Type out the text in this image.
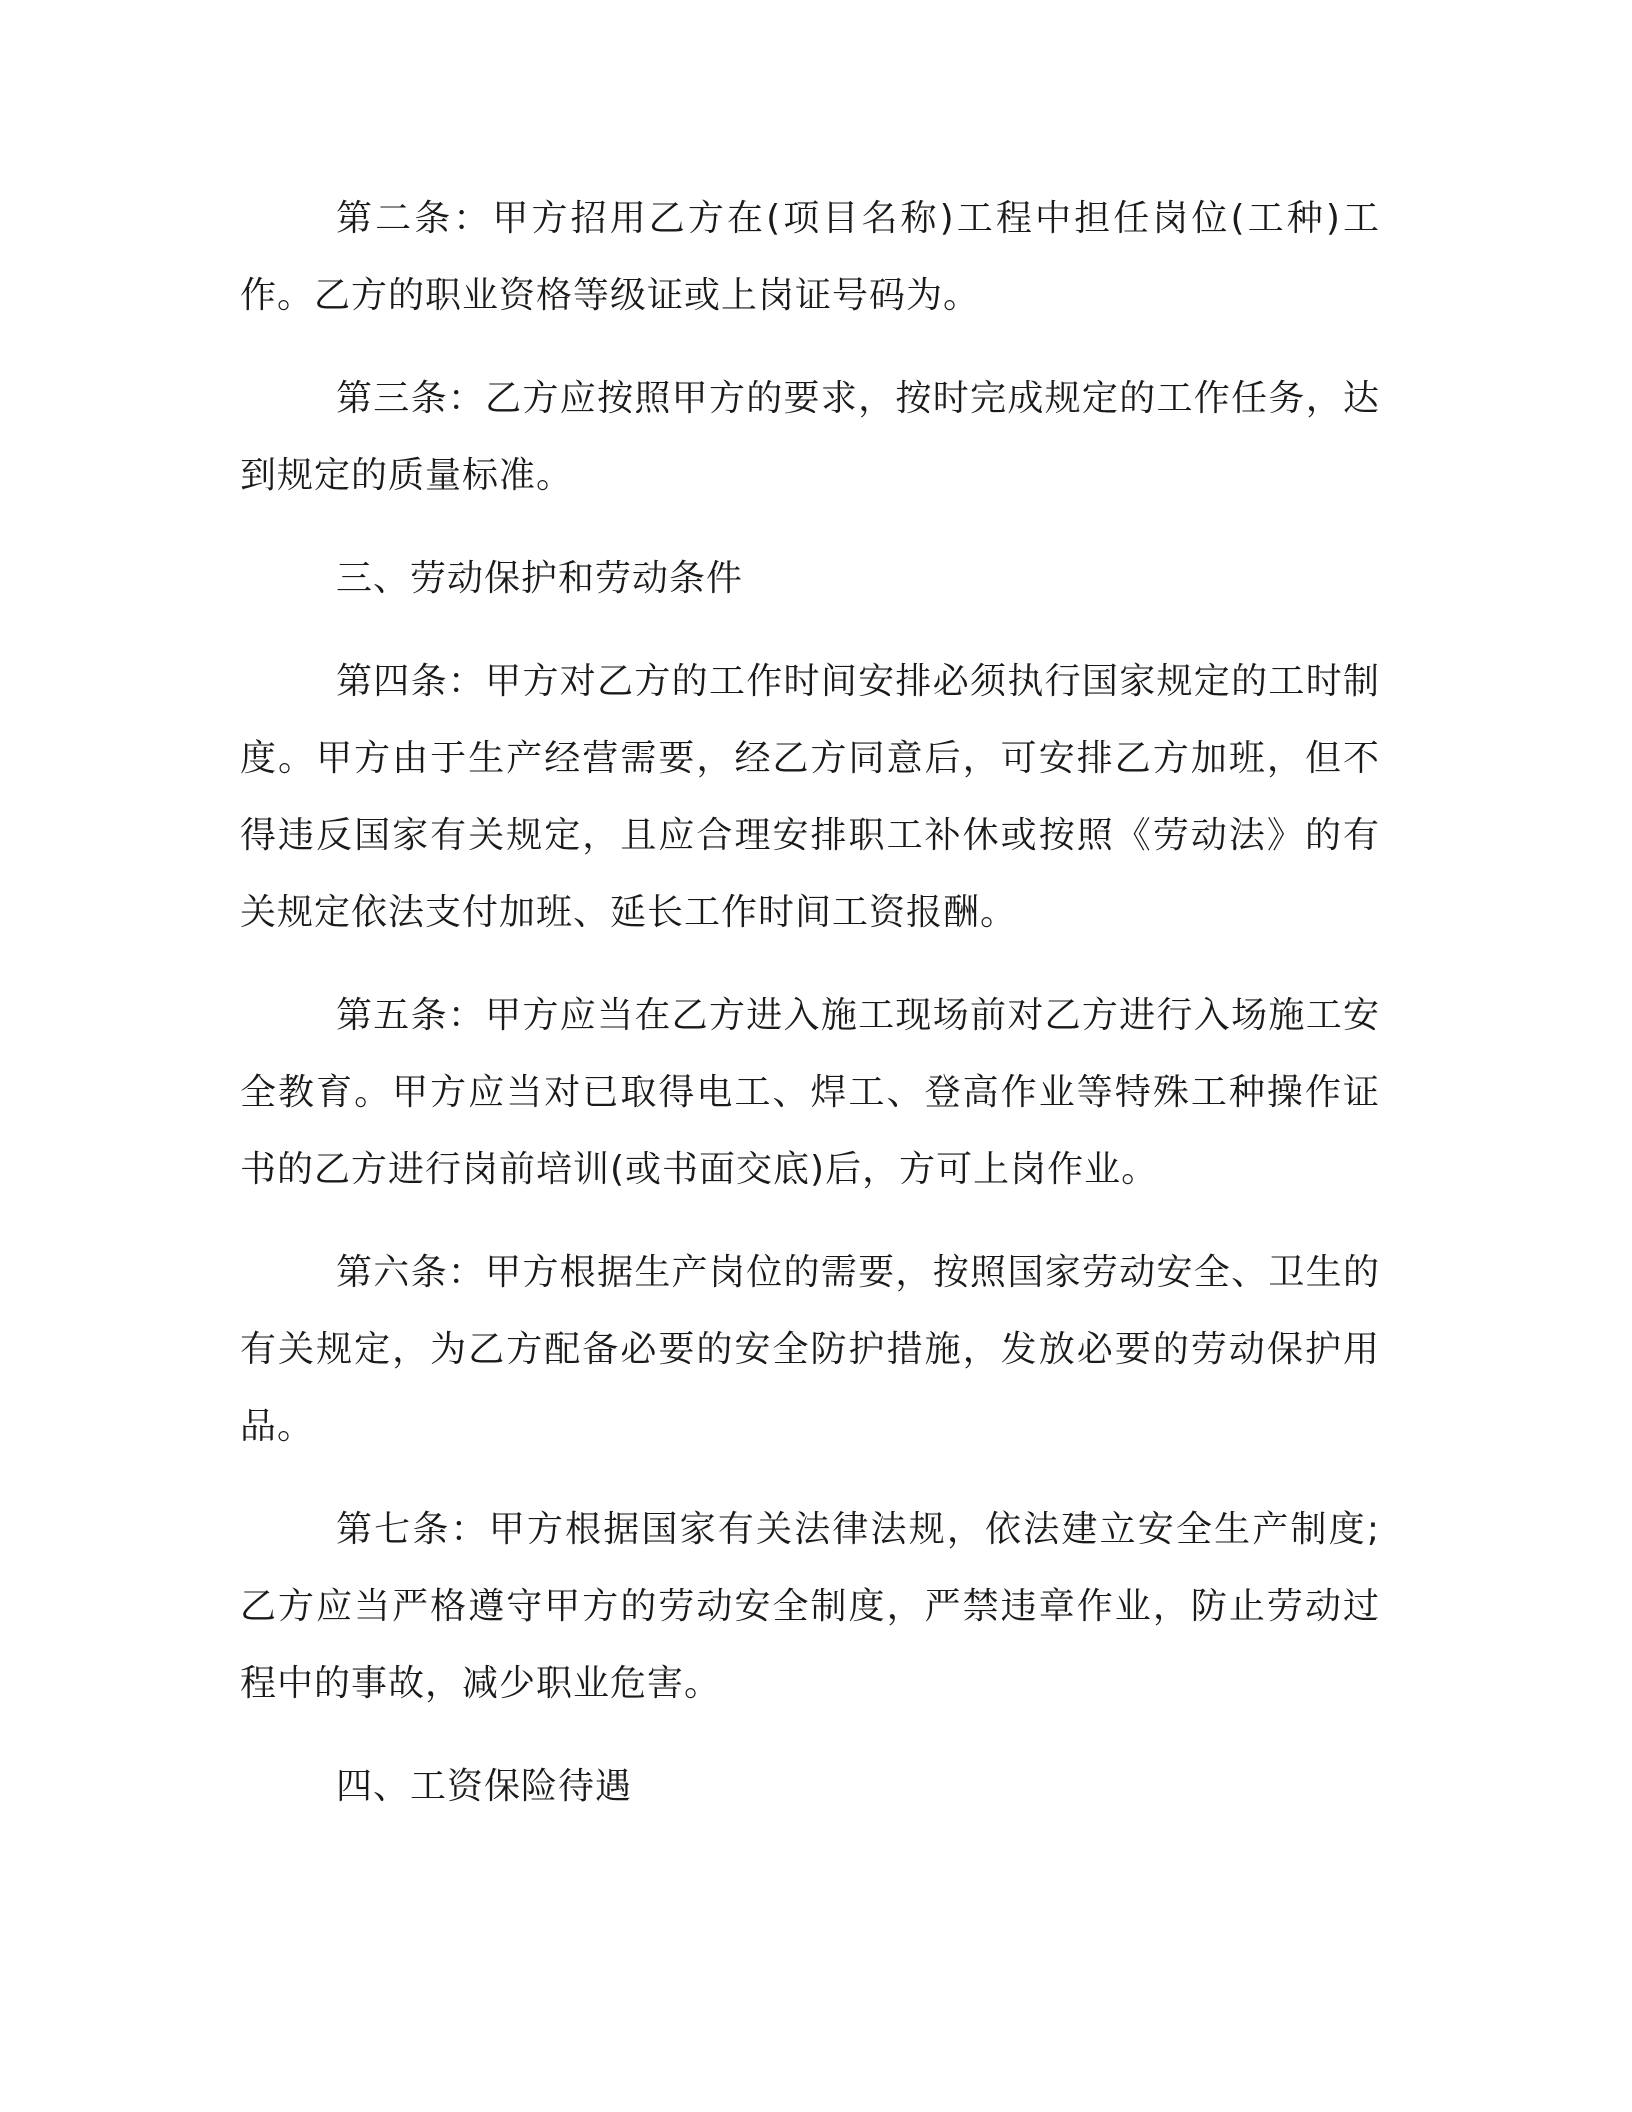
第二条：甲方招用乙方在(项目名称)工程中担任岗位(工种)工作。乙方的职业资格等级证或上岗证号码为。

第三条：乙方应按照甲方的要求，按时完成规定的工作任务，达到规定的质量标准。

三、劳动保护和劳动条件

第四条：甲方对乙方的工作时间安排必须执行国家规定的工时制度。甲方由于生产经营需要，经乙方同意后，可安排乙方加班，但不得违反国家有关规定，且应合理安排职工补休或按照《劳动法》的有关规定依法支付加班、延长工作时间工资报酬。

第五条：甲方应当在乙方进入施工现场前对乙方进行入场施工安全教育。甲方应当对已取得电工、焊工、登高作业等特殊工种操作证书的乙方进行岗前培训(或书面交底)后，方可上岗作业。

第六条：甲方根据生产岗位的需要，按照国家劳动安全、卫生的有关规定，为乙方配备必要的安全防护措施，发放必要的劳动保护用品。

第七条：甲方根据国家有关法律法规，依法建立安全生产制度;乙方应当严格遵守甲方的劳动安全制度，严禁违章作业，防止劳动过程中的事故，减少职业危害。

四、工资保险待遇
